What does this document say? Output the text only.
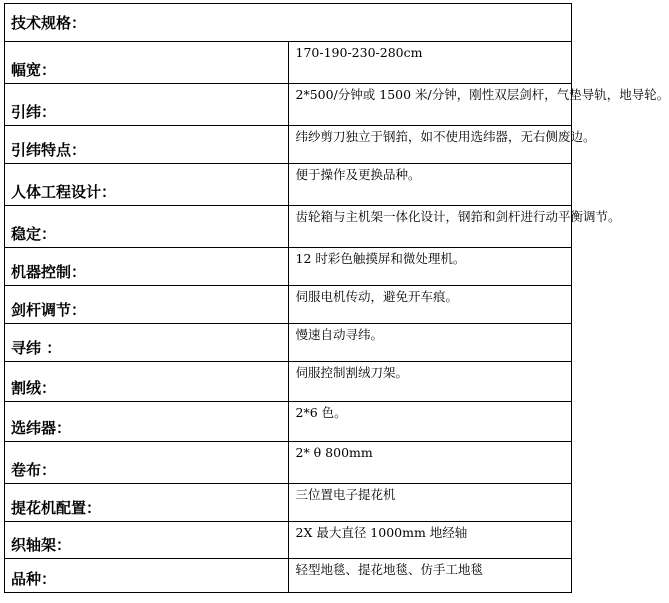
技术规格：	
幅宽：	170-190-230-280cm
引纬：	2*500/分钟或 1500 米/分钟，刚性双层剑杆，气垫导轨，地导轮。
引纬特点：	纬纱剪刀独立于钢筘，如不使用选纬器，无右侧废边。
人体工程设计：	便于操作及更换品种。
稳定：	齿轮箱与主机架一体化设计，钢筘和剑杆进行动平衡调节。
机器控制：	12 时彩色触摸屏和微处理机。
剑杆调节：	伺服电机传动，避免开车痕。
寻纬 ：	慢速自动寻纬。
割绒：	伺服控制割绒刀架。
选纬器：	2*6 色。
卷布：	2* θ 800mm
提花机配置：	三位置电子提花机
织轴架：	2X 最大直径 1000mm 地经轴
品种：	轻型地毯、提花地毯、仿手工地毯
